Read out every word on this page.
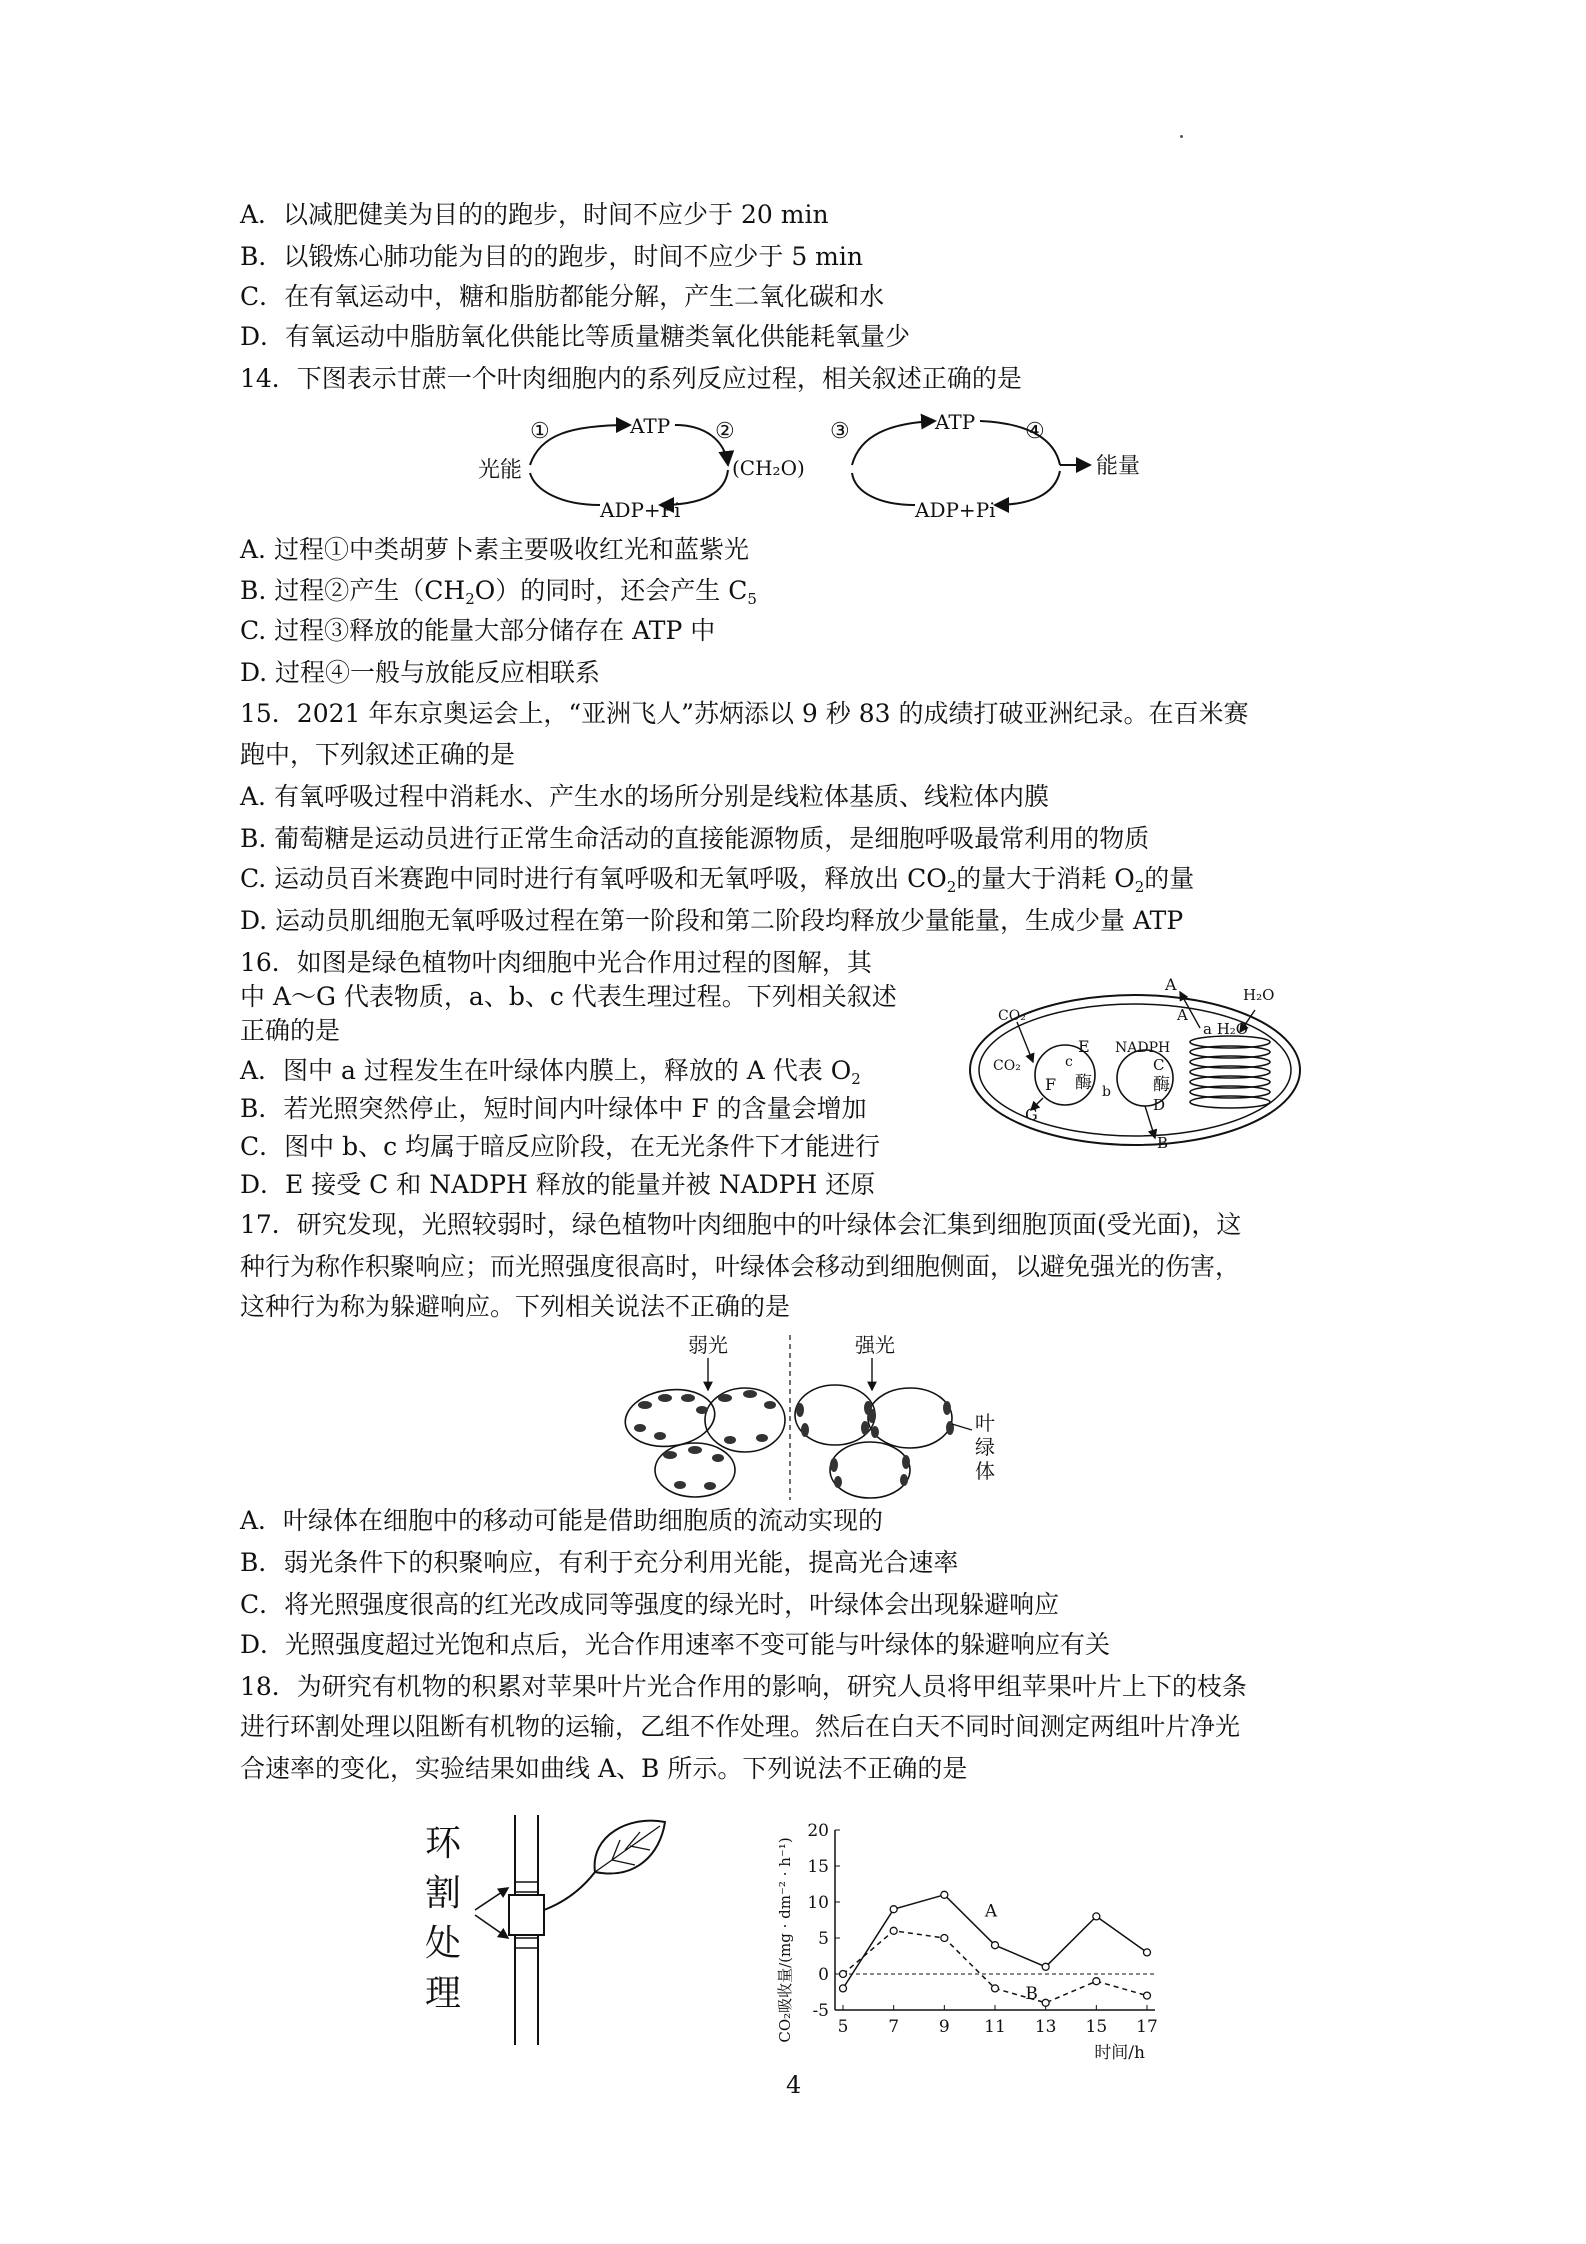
A．以减肥健美为目的的跑步，时间不应少于 20 min
B．以锻炼心肺功能为目的的跑步，时间不应少于 5 min
C．在有氧运动中，糖和脂肪都能分解，产生二氧化碳和水
D．有氧运动中脂肪氧化供能比等质量糖类氧化供能耗氧量少
14．下图表示甘蔗一个叶肉细胞内的系列反应过程，相关叙述正确的是
光能
①	ATP ②
ADP+Pi
(CH₂O)
③	ATP ④
ADP+Pi
能量
A. 过程①中类胡萝卜素主要吸收红光和蓝紫光
B. 过程②产生$(CH_2O)$的同时，还会产生 $C_5$
C. 过程③释放的能量大部分储存在 ATP 中
D. 过程④一般与放能反应相联系
15．2021 年东京奥运会上，“亚洲飞人”苏炳添以 9 秒 83 的成绩打破亚洲纪录。在百米赛
跑中，下列叙述正确的是
A. 有氧呼吸过程中消耗水、产生水的场所分别是线粒体基质、线粒体内膜
B. 葡萄糖是运动员进行正常生命活动的直接能源物质，是细胞呼吸最常利用的物质
C. 运动员百米赛跑中同时进行有氧呼吸和无氧呼吸，释放出 $CO_2$的量大于消耗 $O_2$的量
D. 运动员肌细胞无氧呼吸过程在第一阶段和第二阶段均释放少量能量，生成少量 ATP
16．如图是绿色植物叶肉细胞中光合作用过程的图解，其
中 A～G 代表物质，a、b、c 代表生理过程。下列相关叙述
正确的是
A．图中 a 过程发生在叶绿体内膜上，释放的 A 代表 $O_2$
B．若光照突然停止，短时间内叶绿体中 F 的含量会增加
C．图中 b、c 均属于暗反应阶段，在无光条件下才能进行
D．E 接受 C 和 NADPH 释放的能量并被 NADPH 还原
A
H₂O
A
a H₂O
CO₂
CO₂
E
c
酶 b
F
G
NADPH
C
酶
D
B
17．研究发现，光照较弱时，绿色植物叶肉细胞中的叶绿体会汇集到细胞顶面(受光面)，这
种行为称作积聚响应；而光照强度很高时，叶绿体会移动到细胞侧面，以避免强光的伤害，
这种行为称为躲避响应。下列相关说法不正确的是
弱光	强光
叶
绿
体
A．叶绿体在细胞中的移动可能是借助细胞质的流动实现的
B．弱光条件下的积聚响应，有利于充分利用光能，提高光合速率
C．将光照强度很高的红光改成同等强度的绿光时，叶绿体会出现躲避响应
D．光照强度超过光饱和点后，光合作用速率不变可能与叶绿体的躲避响应有关
18．为研究有机物的积累对苹果叶片光合作用的影响，研究人员将甲组苹果叶片上下的枝条
进行环割处理以阻断有机物的运输，乙组不作处理。然后在白天不同时间测定两组叶片净光
合速率的变化，实验结果如曲线 A、B 所示。下列说法不正确的是
环
割
处
理
20
15
10
5
0
-5
5 7 9 11 13 15 17
时间/h
CO₂吸收量/(mg · dm⁻² · h⁻¹)	A
B
4
